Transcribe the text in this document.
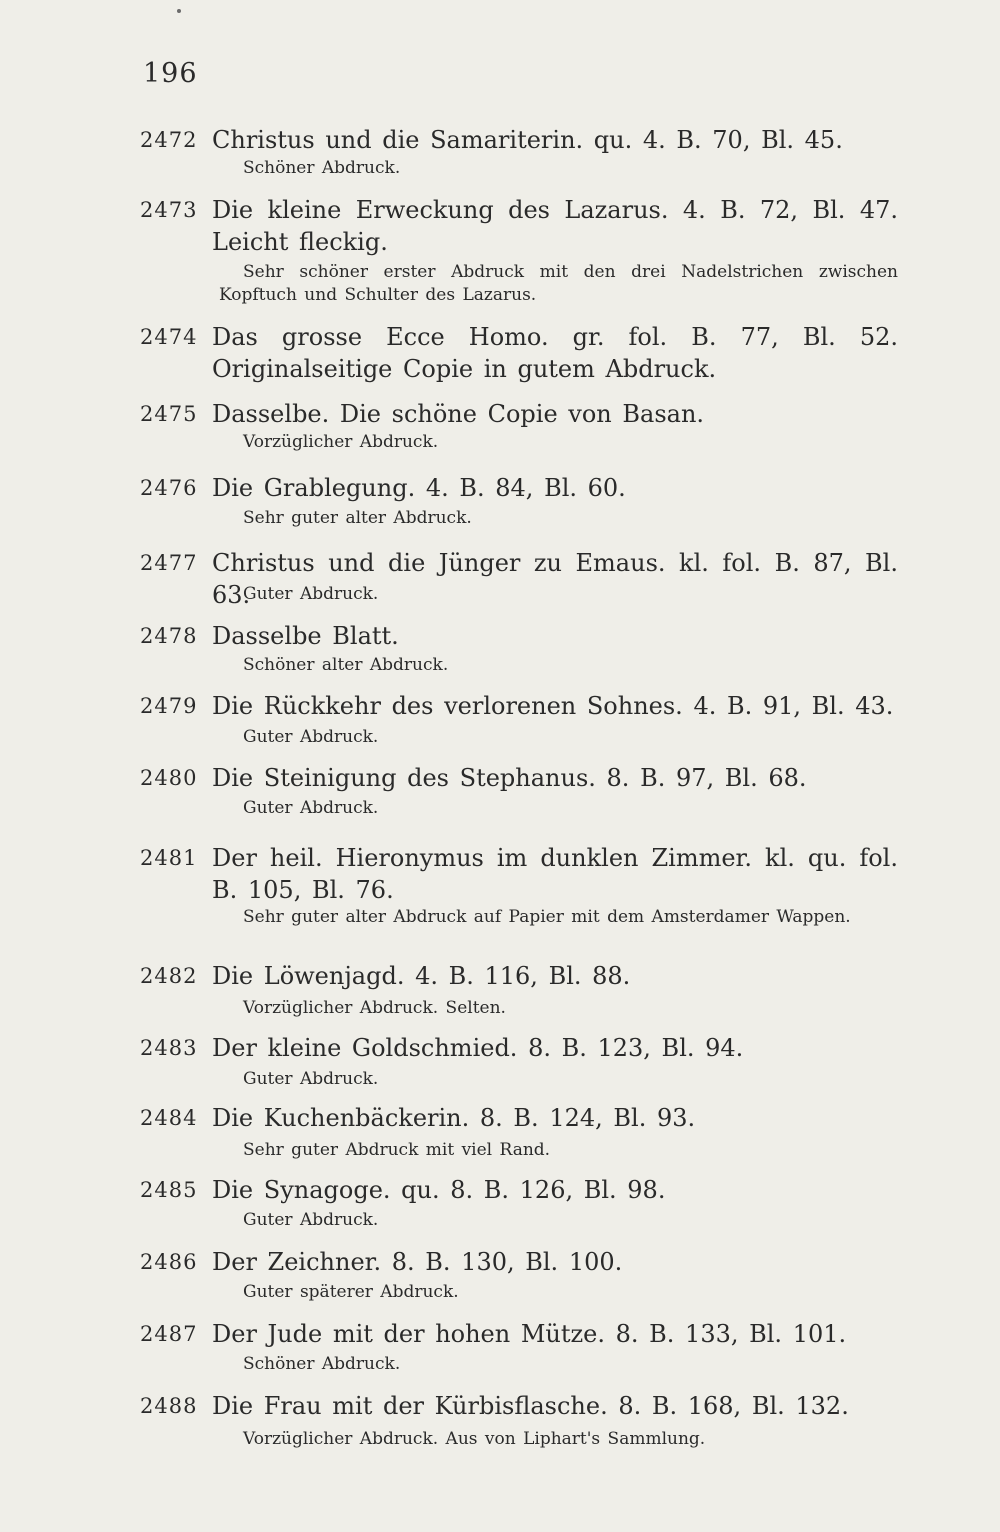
196
2472 Christus und die Samariterin. qu. 4. B. 70, Bl. 45.
Schöner Abdruck.
2473 Die kleine Erweckung des Lazarus. 4. B. 72, Bl. 47. Leicht fleckig.
Sehr schöner erster Abdruck mit den drei Nadelstrichen zwischen Kopftuch und Schulter des Lazarus.
2474 Das grosse Ecce Homo. gr. fol. B. 77, Bl. 52. Originalseitige Copie in gutem Abdruck.
2475 Dasselbe. Die schöne Copie von Basan.
Vorzüglicher Abdruck.
2476 Die Grablegung. 4. B. 84, Bl. 60.
Sehr guter alter Abdruck.
2477 Christus und die Jünger zu Emaus. kl. fol. B. 87, Bl. 63.
Guter Abdruck.
2478 Dasselbe Blatt.
Schöner alter Abdruck.
2479 Die Rückkehr des verlorenen Sohnes. 4. B. 91, Bl. 43.
Guter Abdruck.
2480 Die Steinigung des Stephanus. 8. B. 97, Bl. 68.
Guter Abdruck.
2481 Der heil. Hieronymus im dunklen Zimmer. kl. qu. fol. B. 105, Bl. 76.
Sehr guter alter Abdruck auf Papier mit dem Amsterdamer Wappen.
2482 Die Löwenjagd. 4. B. 116, Bl. 88.
Vorzüglicher Abdruck. Selten.
2483 Der kleine Goldschmied. 8. B. 123, Bl. 94.
Guter Abdruck.
2484 Die Kuchenbäckerin. 8. B. 124, Bl. 93.
Sehr guter Abdruck mit viel Rand.
2485 Die Synagoge. qu. 8. B. 126, Bl. 98.
Guter Abdruck.
2486 Der Zeichner. 8. B. 130, Bl. 100.
Guter späterer Abdruck.
2487 Der Jude mit der hohen Mütze. 8. B. 133, Bl. 101.
Schöner Abdruck.
2488 Die Frau mit der Kürbisflasche. 8. B. 168, Bl. 132.
Vorzüglicher Abdruck. Aus von Liphart's Sammlung.
